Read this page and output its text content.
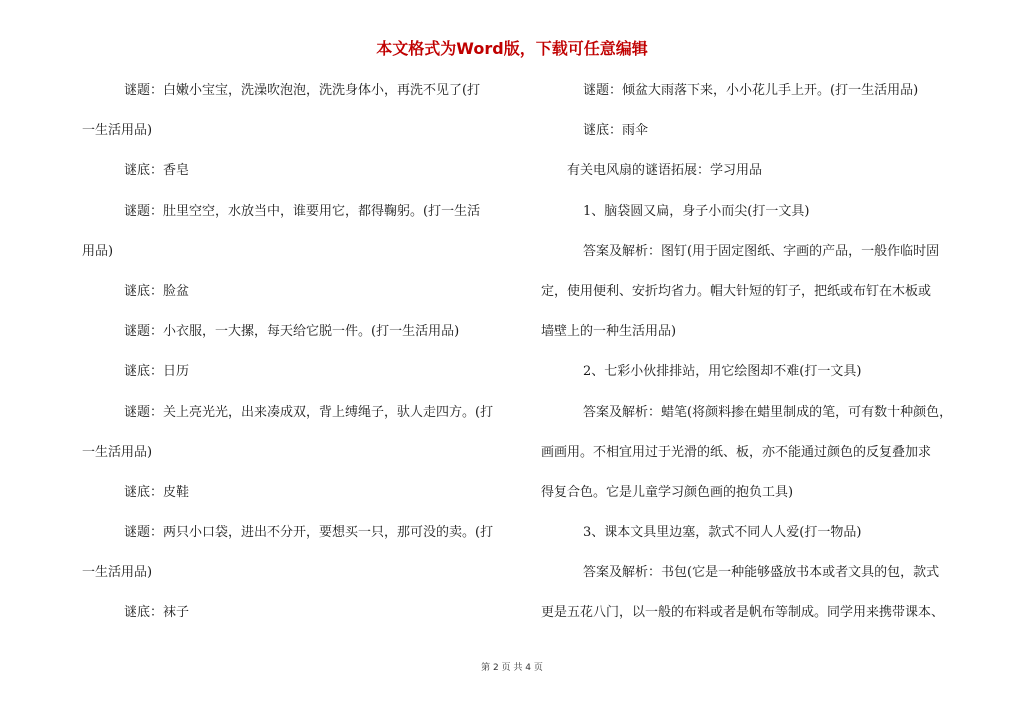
本文格式为Word版，下载可任意编辑
谜题：白嫩小宝宝，洗澡吹泡泡，洗洗身体小，再洗不见了(打
一生活用品)
谜底：香皂
谜题：肚里空空，水放当中，谁要用它，都得鞠躬。(打一生活
用品)
谜底：脸盆
谜题：小衣服，一大摞，每天给它脱一件。(打一生活用品)
谜底：日历
谜题：关上亮光光，出来凑成双，背上缚绳子，驮人走四方。(打
一生活用品)
谜底：皮鞋
谜题：两只小口袋，进出不分开，要想买一只，那可没的卖。(打
一生活用品)
谜底：袜子
谜题：倾盆大雨落下来，小小花儿手上开。(打一生活用品)
谜底：雨伞
有关电风扇的谜语拓展：学习用品
1、脑袋圆又扁，身子小而尖(打一文具)
答案及解析：图钉(用于固定图纸、字画的产品，一般作临时固
定，使用便利、安折均省力。帽大针短的钉子，把纸或布钉在木板或
墙壁上的一种生活用品)
2、七彩小伙排排站，用它绘图却不难(打一文具)
答案及解析：蜡笔(将颜料掺在蜡里制成的笔，可有数十种颜色，
画画用。不相宜用过于光滑的纸、板，亦不能通过颜色的反复叠加求
得复合色。它是儿童学习颜色画的抱负工具)
3、课本文具里边塞，款式不同人人爱(打一物品)
答案及解析：书包(它是一种能够盛放书本或者文具的包，款式
更是五花八门，以一般的布料或者是帆布等制成。同学用来携带课本、
第 2 页 共 4 页
